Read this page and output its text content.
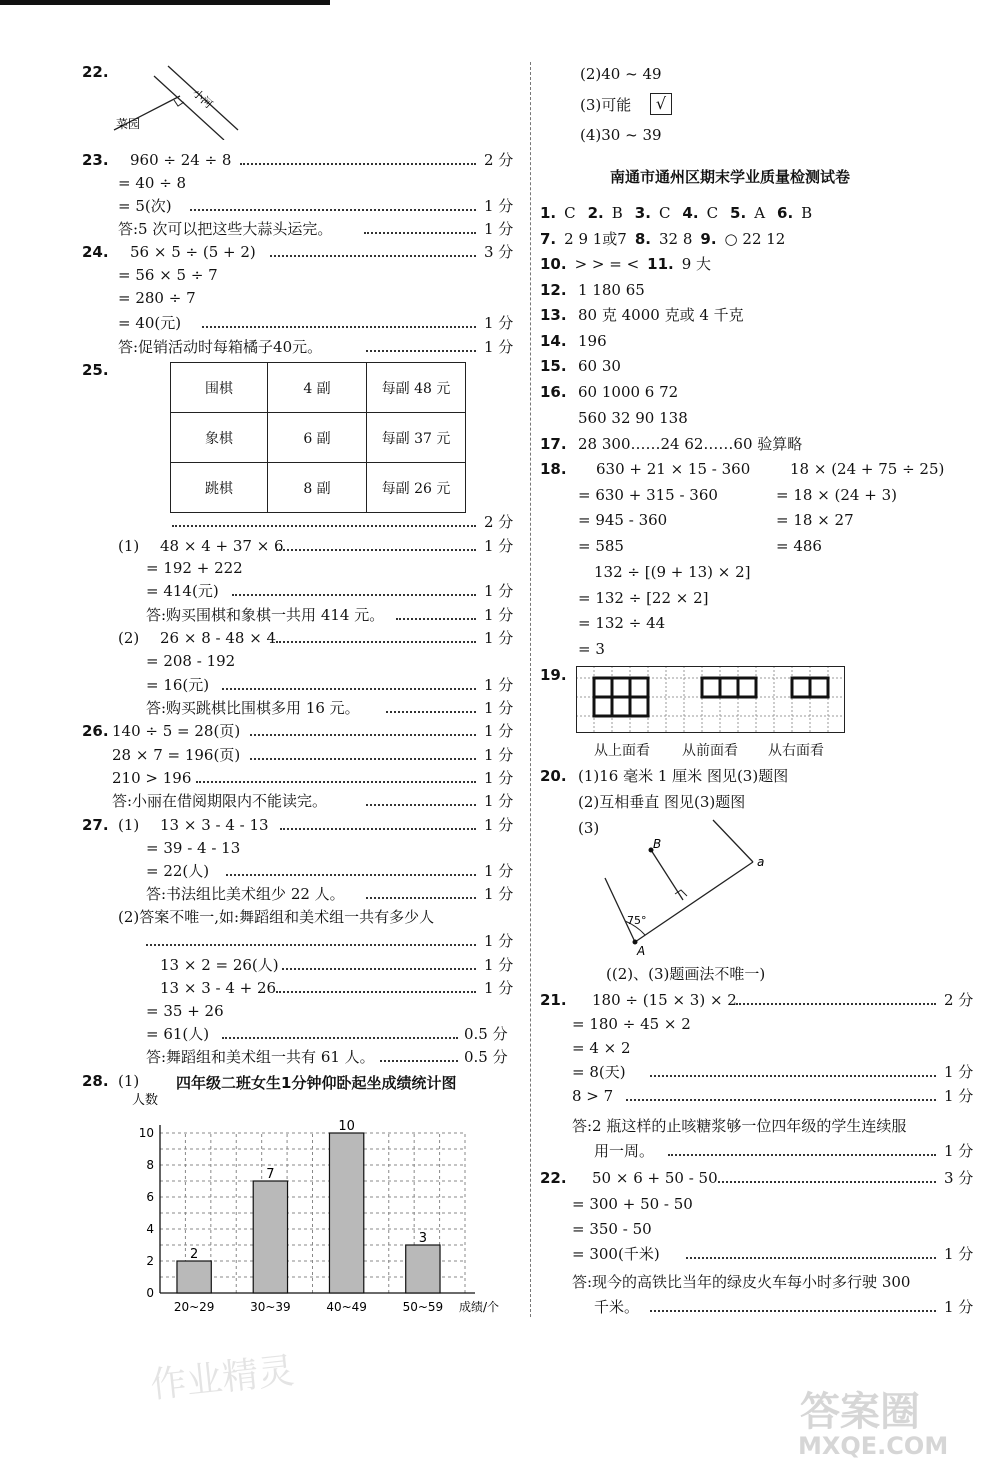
22.
小河
菜园
23. 960 ÷ 24 ÷ 8	2 分
= 40 ÷ 8
= 5(次)	1 分
答:5 次可以把这些大蒜头运完。	1 分
24. 56 × 5 ÷ (5 + 2)	3 分
= 56 × 5 ÷ 7
= 280 ÷ 7
= 40(元)	1 分
答:促销活动时每箱橘子40元。	1 分
25.
围棋	4 副	每副 48 元
象棋	6 副	每副 37 元
跳棋	8 副	每副 26 元
2 分
(1) 48 × 4 + 37 × 6	1 分
= 192 + 222
= 414(元)	1 分
答:购买围棋和象棋一共用 414 元。	1 分
(2) 26 × 8 - 48 × 4	1 分
= 208 - 192
= 16(元)	1 分
答:购买跳棋比围棋多用 16 元。	1 分
26. 140 ÷ 5 = 28(页)	1 分
28 × 7 = 196(页)	1 分
210 > 196	1 分
答:小丽在借阅期限内不能读完。	1 分
27. (1) 13 × 3 - 4 - 13	1 分
= 39 - 4 - 13
= 22(人)	1 分
答:书法组比美术组少 22 人。	1 分
(2)答案不唯一,如:舞蹈组和美术组一共有多少人
1 分
13 × 2 = 26(人)	1 分
13 × 3 - 4 + 26	1 分
= 35 + 26
= 61(人)	0.5 分
答:舞蹈组和美术组一共有 61 人。	0.5 分
28. (1) 四年级二班女生1分钟仰卧起坐成绩统计图
人数
0
2
4
6
8
10
2
20~29
7
30~39
10
40~49
3
50~59 成绩/个
(2)40 ~ 49
(3)可能	√
(4)30 ~ 39
南通市通州区期末学业质量检测试卷
1. C 2. B 3. C 4. C 5. A 6. B
7. 2 9 1或7 8. 32 8 9. ○ 22 12
10. > > = < 11. 9 大
12. 1 180 65
13. 80 克 4000 克或 4 千克
14. 196
15. 60 30
16. 60 1000 6 72
560 32 90 138
17. 28 300……24 62……60 验算略
18. 630 + 21 × 15 - 360
= 630 + 315 - 360
= 945 - 360
= 585
18 × (24 + 75 ÷ 25)
= 18 × (24 + 3)
= 18 × 27
= 486
132 ÷ [(9 + 13) × 2]
= 132 ÷ [22 × 2]
= 132 ÷ 44
= 3
19.
从上面看 从前面看 从右面看
20. (1)16 毫米 1 厘米 图见(3)题图
(2)互相垂直 图见(3)题图
(3)
B
a
A
75°
((2)、(3)题画法不唯一)
21. 180 ÷ (15 × 3) × 2	2 分
= 180 ÷ 45 × 2
= 4 × 2
= 8(天)	1 分
8 > 7	1 分
答:2 瓶这样的止咳糖浆够一位四年级的学生连续服
用一周。	1 分
22. 50 × 6 + 50 - 50	3 分
= 300 + 50 - 50
= 350 - 50
= 300(千米)	1 分
答:现今的高铁比当年的绿皮火车每小时多行驶 300
千米。	1 分
作业精灵
答案圈
MXQE.COM
